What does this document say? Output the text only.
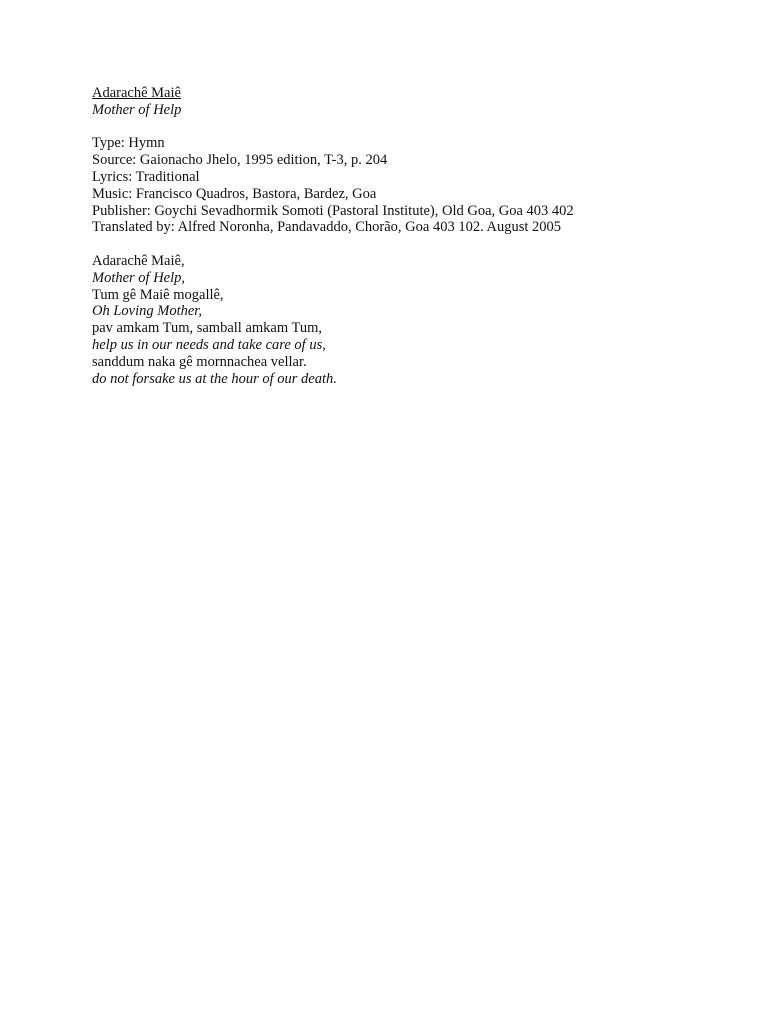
Adarachê Maiê
Mother of Help
Type: Hymn
Source: Gaionacho Jhelo, 1995 edition, T-3, p. 204
Lyrics: Traditional
Music: Francisco Quadros, Bastora, Bardez, Goa
Publisher: Goychi Sevadhormik Somoti (Pastoral Institute), Old Goa, Goa 403 402
Translated by: Alfred Noronha, Pandavaddo, Chorão, Goa 403 102. August 2005
Adarachê Maiê,
Mother of Help,
Tum gê Maiê mogallê,
Oh Loving Mother,
pav amkam Tum, samball amkam Tum,
help us in our needs and take care of us,
sanddum naka gê mornnachea vellar.
do not forsake us at the hour of our death.
